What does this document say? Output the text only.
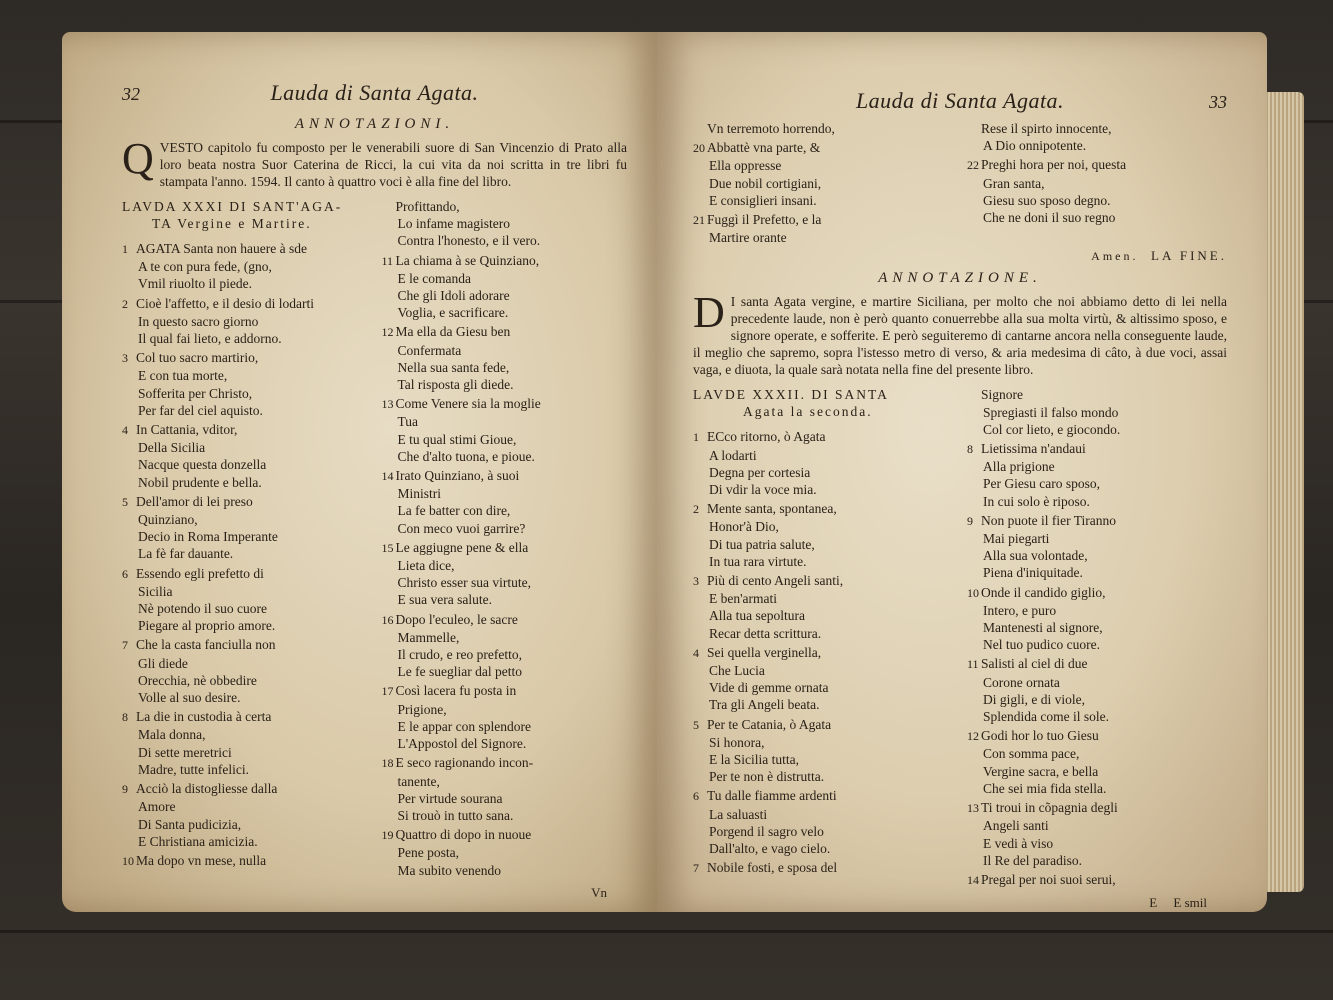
32	Lauda di Santa Agata.
ANNOTAZIONI.

Q VESTO capitolo fu composto per le venerabili suore di San Vincenzio di Prato alla loro beata nostra Suor Caterina de Ricci, la cui vita da noi scritta in tre libri fu stampata l'anno. 1594. Il canto à quattro voci è alla fine del libro.

LAVDA XXXI DI SANT'AGA-

TA Vergine e Martire.

1 AGATA Santa non hauere à sde

A te con pura fede, (gno,
Vmil riuolto il piede.
2 Cioè l'affetto, e il desio di lodarti

In questo sacro giorno
Il qual fai lieto, e addorno.
3 Col tuo sacro martirio,

E con tua morte,
Sofferita per Christo,
Per far del ciel aquisto.
4 In Cattania, vditor,

Della Sicilia
Nacque questa donzella
Nobil prudente e bella.
5 Dell'amor di lei preso

Quinziano,
Decio in Roma Imperante
La fè far dauante.
6 Essendo egli prefetto di

Sicilia
Nè potendo il suo cuore
Piegare al proprio amore.
7 Che la casta fanciulla non

Gli diede
Orecchia, nè obbedire
Volle al suo desire.
8 La die in custodia à certa

Mala donna,
Di sette meretrici
Madre, tutte infelici.
9 Acciò la distogliesse dalla

Amore
Di Santa pudicizia,
E Christiana amicizia.
10 Ma dopo vn mese, nulla
Profittando,

Lo infame magistero
Contra l'honesto, e il vero.
11 La chiama à se Quinziano,

E le comanda
Che gli Idoli adorare
Voglia, e sacrificare.
12 Ma ella da Giesu ben

Confermata
Nella sua santa fede,
Tal risposta gli diede.
13 Come Venere sia la moglie

Tua
E tu qual stimi Gioue,
Che d'alto tuona, e pioue.
14 Irato Quinziano, à suoi

Ministri
La fe batter con dire,
Con meco vuoi garrire?
15 Le aggiugne pene & ella

Lieta dice,
Christo esser sua virtute,
E sua vera salute.
16 Dopo l'eculeo, le sacre

Mammelle,
Il crudo, e reo prefetto,
Le fe suegliar dal petto
17 Così lacera fu posta in

Prigione,
E le appar con splendore
L'Appostol del Signore.
18 E seco ragionando incon-

tanente,
Per virtude sourana
Si trouò in tutto sana.
19 Quattro di dopo in nuoue

Pene posta,
Ma subito venendo
Vn
Lauda di Santa Agata.	33
Vn terremoto horrendo,
20 Abbattè vna parte, &

Ella oppresse
Due nobil cortigiani,
E consiglieri insani.
21 Fuggì il Prefetto, e la

Martire orante
Rese il spirto innocente,

A Dio onnipotente.
22 Preghi hora per noi, questa

Gran santa,
Giesu suo sposo degno.
Che ne doni il suo regno
Amen. LA FINE.
ANNOTAZIONE.

D I santa Agata vergine, e martire Siciliana, per molto che noi abbiamo detto di lei nella precedente laude, non è però quanto conuerrebbe alla sua molta virtù, & altissimo sposo, e signore operate, e sofferite. E però seguiteremo di cantarne ancora nella conseguente laude, il meglio che sapremo, sopra l'istesso metro di verso, & aria medesima di câto, à due voci, assai vaga, e diuota, la quale sarà notata nella fine del presente libro.

LAVDE XXXII. DI SANTA

Agata la seconda.

1 ECco ritorno, ò Agata

A lodarti
Degna per cortesia
Di vdir la voce mia.
2 Mente santa, spontanea,

Honor'à Dio,
Di tua patria salute,
In tua rara virtute.
3 Più di cento Angeli santi,

E ben'armati
Alla tua sepoltura
Recar detta scrittura.
4 Sei quella verginella,

Che Lucia
Vide di gemme ornata
Tra gli Angeli beata.
5 Per te Catania, ò Agata

Si honora,
E la Sicilia tutta,
Per te non è distrutta.
6 Tu dalle fiamme ardenti

La saluasti
Porgend il sagro velo
Dall'alto, e vago cielo.
7 Nobile fosti, e sposa del
Signore

Spregiasti il falso mondo
Col cor lieto, e giocondo.
8 Lietissima n'andaui

Alla prigione
Per Giesu caro sposo,
In cui solo è riposo.
9 Non puote il fier Tiranno

Mai piegarti
Alla sua volontade,
Piena d'iniquitade.
10 Onde il candido giglio,

Intero, e puro
Mantenesti al signore,
Nel tuo pudico cuore.
11 Salisti al ciel di due

Corone ornata
Di gigli, e di viole,
Splendida come il sole.
12 Godi hor lo tuo Giesu

Con somma pace,
Vergine sacra, e bella
Che sei mia fida stella.
13 Ti troui in cõpagnia degli

Angeli santi
E vedi à viso
Il Re del paradiso.
14 Pregal per noi suoi serui,
E E smil
